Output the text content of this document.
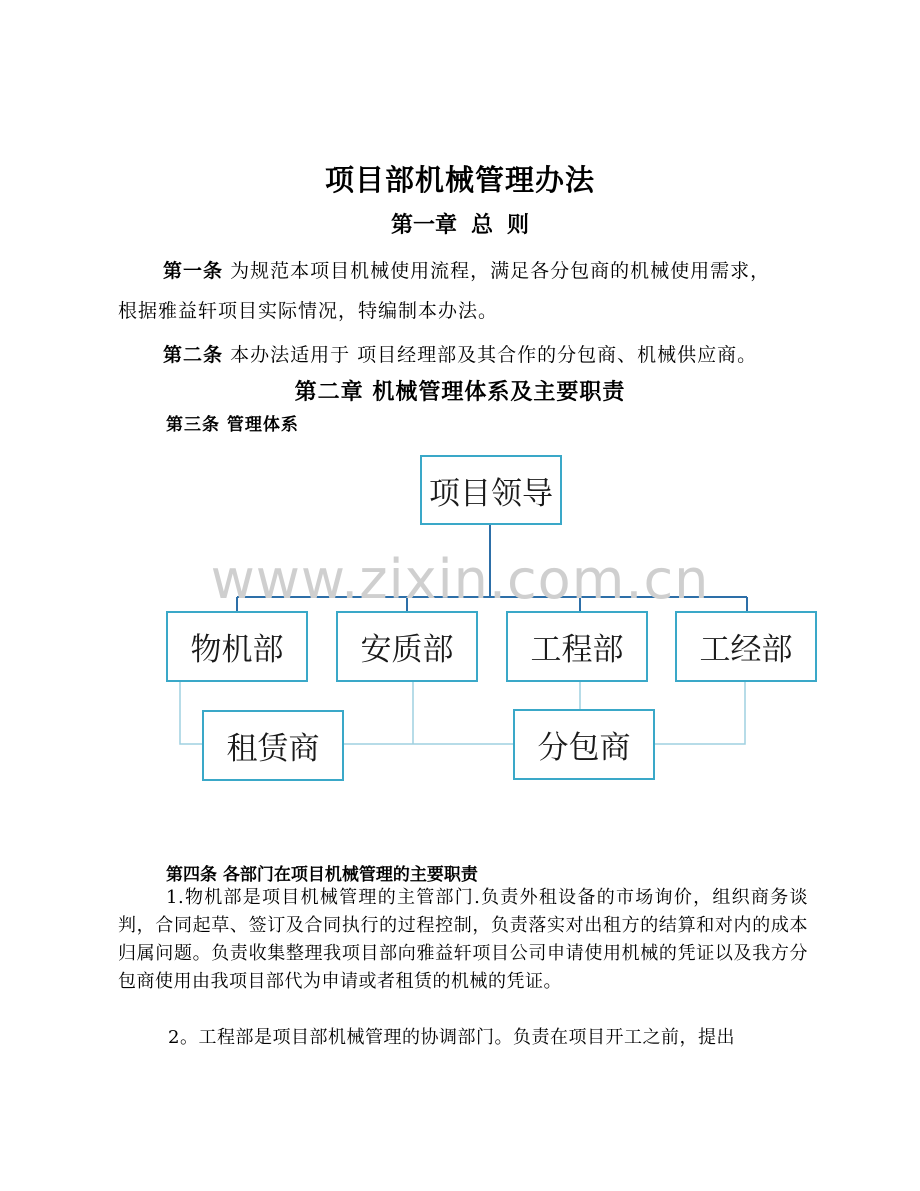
项目部机械管理办法
第一章 总 则
第一条 为规范本项目机械使用流程，满足各分包商的机械使用需求，
根据雅益轩项目实际情况，特编制本办法。
第二条 本办法适用于 项目经理部及其合作的分包商、机械供应商。
第二章 机械管理体系及主要职责
第三条 管理体系
www.zixin.com.cn
项目领导
物机部	安质部	工程部	工经部
租赁商	分包商
第四条 各部门在项目机械管理的主要职责
1.物机部是项目机械管理的主管部门.负责外租设备的市场询价，组织商务谈判，合同起草、签订及合同执行的过程控制，负责落实对出租方的结算和对内的成本归属问题。负责收集整理我项目部向雅益轩项目公司申请使用机械的凭证以及我方分包商使用由我项目部代为申请或者租赁的机械的凭证。
2。工程部是项目部机械管理的协调部门。负责在项目开工之前，提出
